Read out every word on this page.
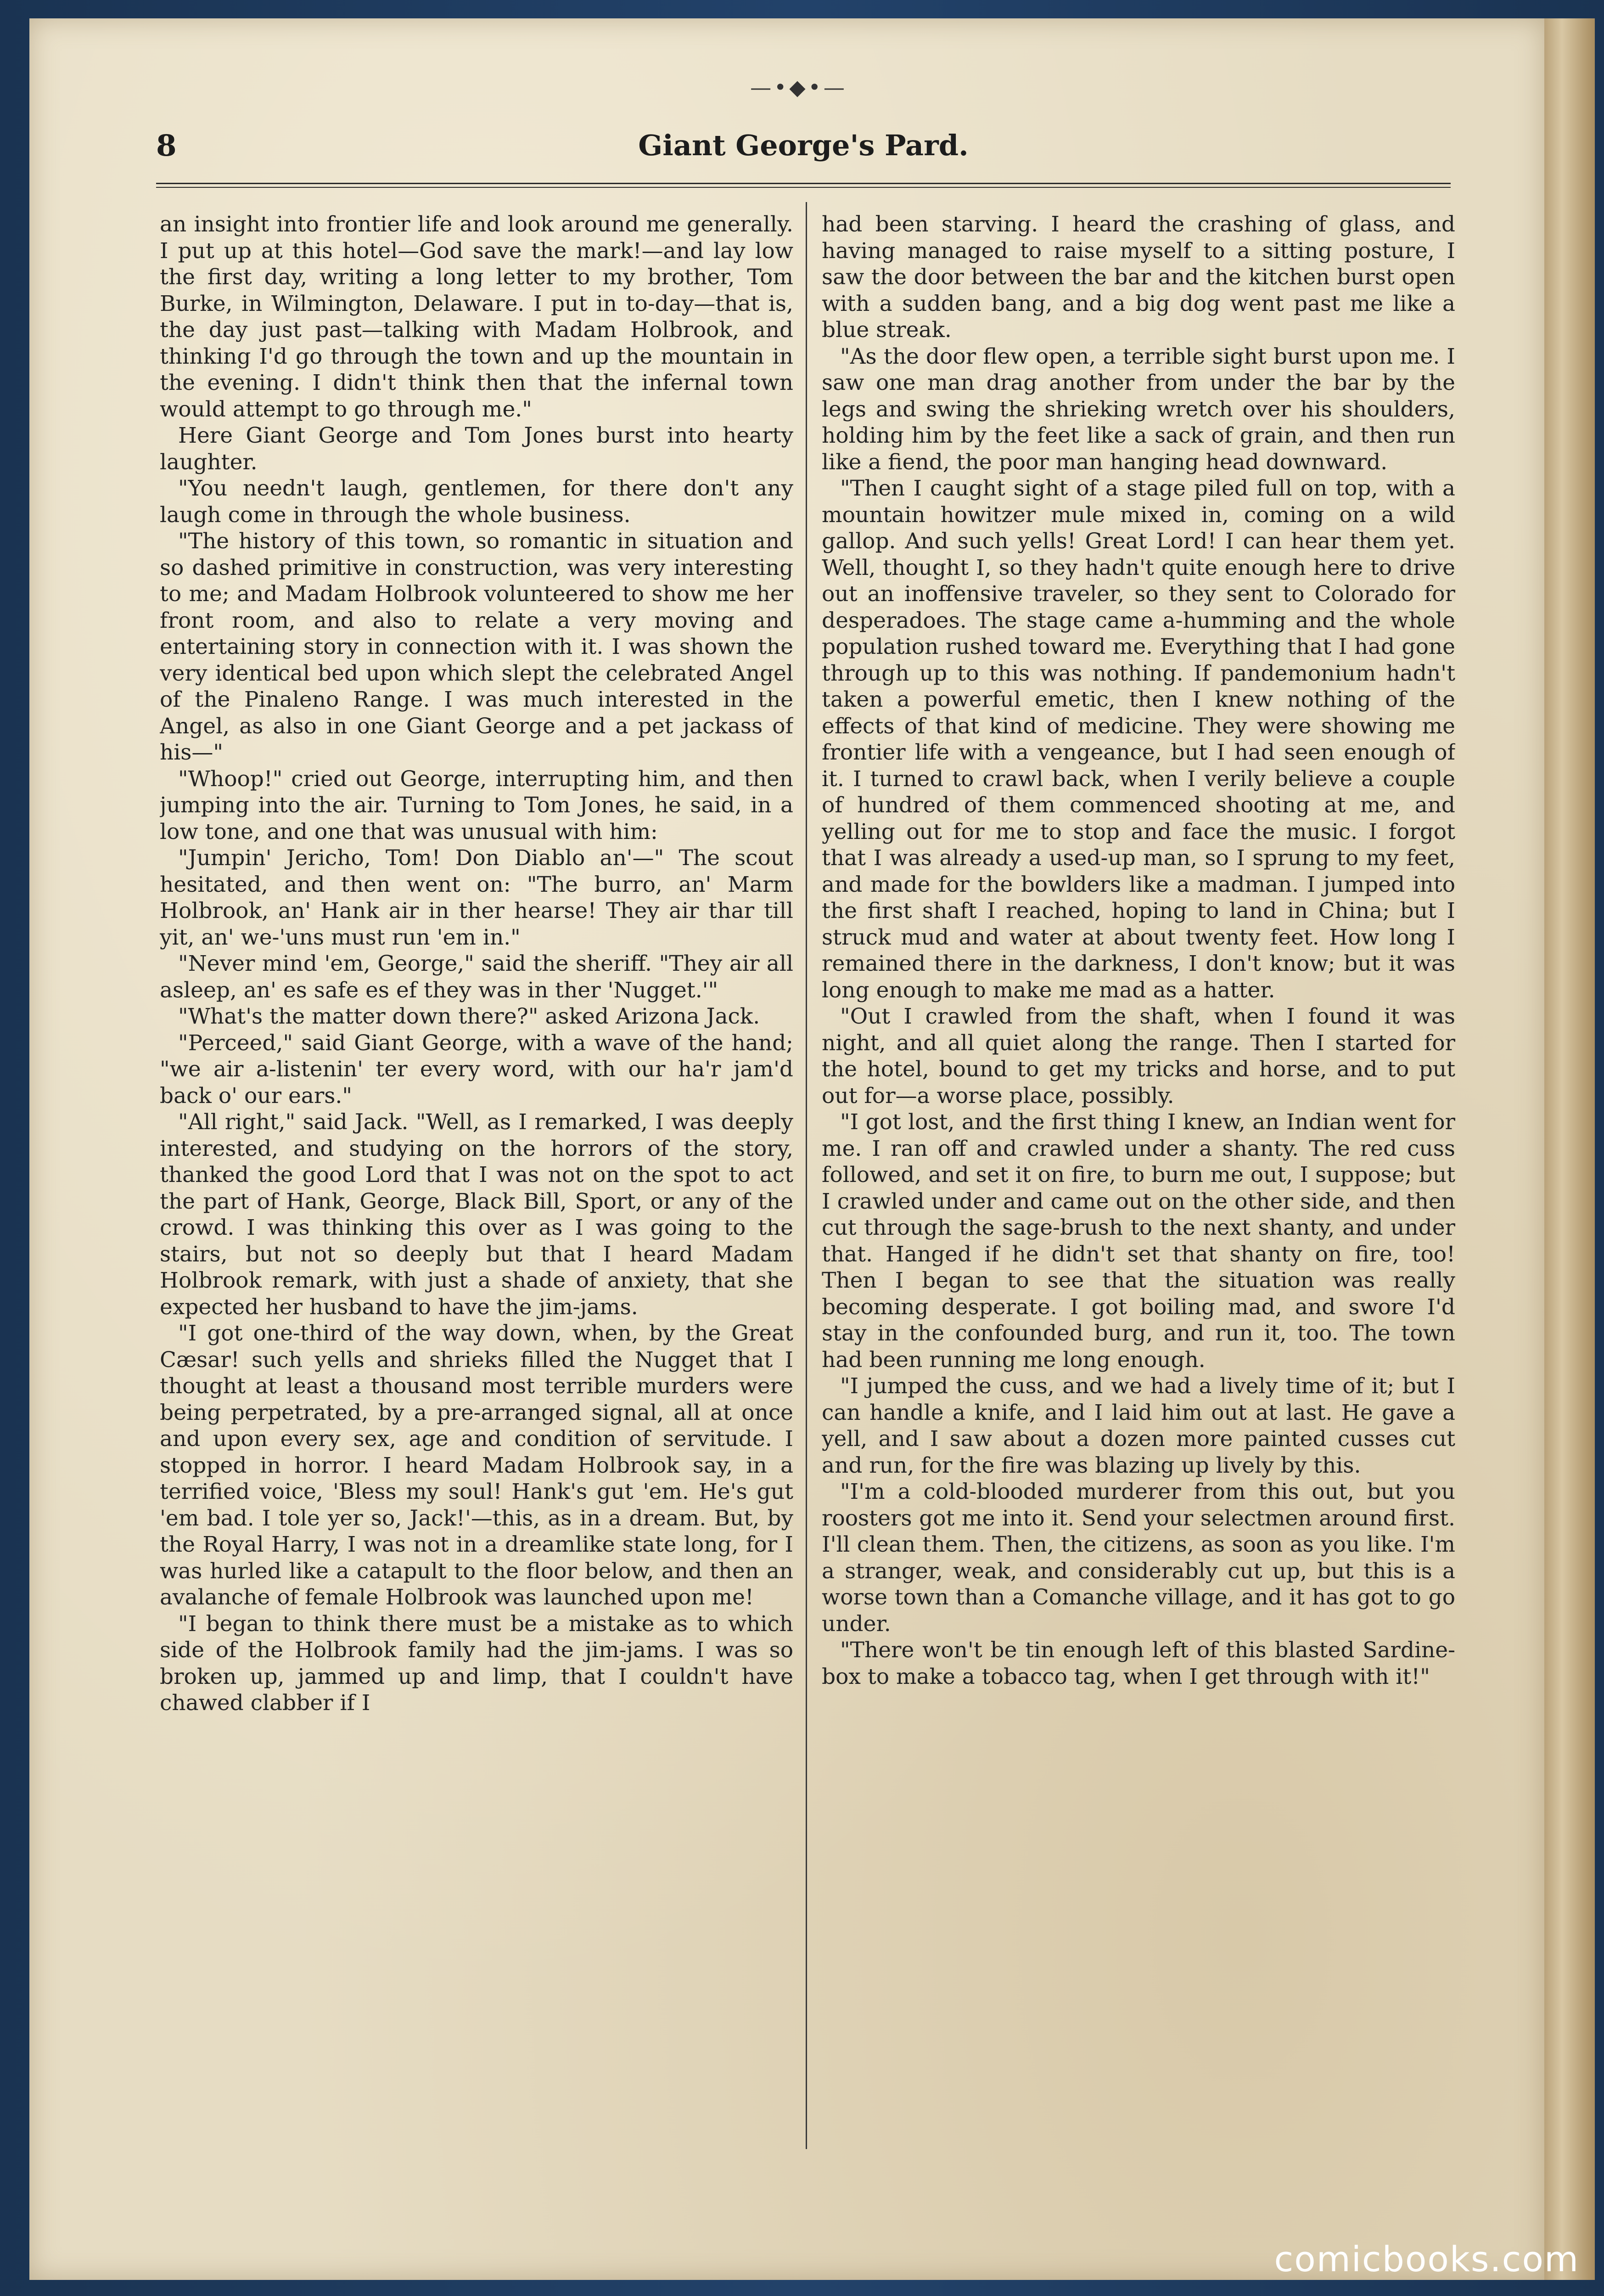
—•◆•—
Giant George's Pard.
8

an insight into frontier life and look around me generally. I put up at this hotel—God save the mark!—and lay low the first day, writing a long letter to my brother, Tom Burke, in Wilmington, Delaware. I put in to-day—that is, the day just past—talking with Madam Holbrook, and thinking I'd go through the town and up the mountain in the evening. I didn't think then that the infernal town would attempt to go through me."

Here Giant George and Tom Jones burst into hearty laughter.

"You needn't laugh, gentlemen, for there don't any laugh come in through the whole business.

"The history of this town, so romantic in situation and so dashed primitive in construction, was very interesting to me; and Madam Holbrook volunteered to show me her front room, and also to relate a very moving and entertaining story in connection with it. I was shown the very identical bed upon which slept the celebrated Angel of the Pinaleno Range. I was much interested in the Angel, as also in one Giant George and a pet jackass of his—"

"Whoop!" cried out George, interrupting him, and then jumping into the air. Turning to Tom Jones, he said, in a low tone, and one that was unusual with him:

"Jumpin' Jericho, Tom! Don Diablo an'—" The scout hesitated, and then went on: "The burro, an' Marm Holbrook, an' Hank air in ther hearse! They air thar till yit, an' we-'uns must run 'em in."

"Never mind 'em, George," said the sheriff. "They air all asleep, an' es safe es ef they was in ther 'Nugget.'"

"What's the matter down there?" asked Arizona Jack.

"Perceed," said Giant George, with a wave of the hand; "we air a-listenin' ter every word, with our ha'r jam'd back o' our ears."

"All right," said Jack. "Well, as I remarked, I was deeply interested, and studying on the horrors of the story, thanked the good Lord that I was not on the spot to act the part of Hank, George, Black Bill, Sport, or any of the crowd. I was thinking this over as I was going to the stairs, but not so deeply but that I heard Madam Holbrook remark, with just a shade of anxiety, that she expected her husband to have the jim-jams.

"I got one-third of the way down, when, by the Great Cæsar! such yells and shrieks filled the Nugget that I thought at least a thousand most terrible murders were being perpetrated, by a pre-arranged signal, all at once and upon every sex, age and condition of servitude. I stopped in horror. I heard Madam Holbrook say, in a terrified voice, 'Bless my soul! Hank's gut 'em. He's gut 'em bad. I tole yer so, Jack!'—this, as in a dream. But, by the Royal Harry, I was not in a dreamlike state long, for I was hurled like a catapult to the floor below, and then an avalanche of female Holbrook was launched upon me!

"I began to think there must be a mistake as to which side of the Holbrook family had the jim-jams. I was so broken up, jammed up and limp, that I couldn't have chawed clabber if I

had been starving. I heard the crashing of glass, and having managed to raise myself to a sitting posture, I saw the door between the bar and the kitchen burst open with a sudden bang, and a big dog went past me like a blue streak.

"As the door flew open, a terrible sight burst upon me. I saw one man drag another from under the bar by the legs and swing the shrieking wretch over his shoulders, holding him by the feet like a sack of grain, and then run like a fiend, the poor man hanging head downward.

"Then I caught sight of a stage piled full on top, with a mountain howitzer mule mixed in, coming on a wild gallop. And such yells! Great Lord! I can hear them yet. Well, thought I, so they hadn't quite enough here to drive out an inoffensive traveler, so they sent to Colorado for desperadoes. The stage came a-humming and the whole population rushed toward me. Everything that I had gone through up to this was nothing. If pandemonium hadn't taken a powerful emetic, then I knew nothing of the effects of that kind of medicine. They were showing me frontier life with a vengeance, but I had seen enough of it. I turned to crawl back, when I verily believe a couple of hundred of them commenced shooting at me, and yelling out for me to stop and face the music. I forgot that I was already a used-up man, so I sprung to my feet, and made for the bowlders like a madman. I jumped into the first shaft I reached, hoping to land in China; but I struck mud and water at about twenty feet. How long I remained there in the darkness, I don't know; but it was long enough to make me mad as a hatter.

"Out I crawled from the shaft, when I found it was night, and all quiet along the range. Then I started for the hotel, bound to get my tricks and horse, and to put out for—a worse place, possibly.

"I got lost, and the first thing I knew, an Indian went for me. I ran off and crawled under a shanty. The red cuss followed, and set it on fire, to burn me out, I suppose; but I crawled under and came out on the other side, and then cut through the sage-brush to the next shanty, and under that. Hanged if he didn't set that shanty on fire, too! Then I began to see that the situation was really becoming desperate. I got boiling mad, and swore I'd stay in the confounded burg, and run it, too. The town had been running me long enough.

"I jumped the cuss, and we had a lively time of it; but I can handle a knife, and I laid him out at last. He gave a yell, and I saw about a dozen more painted cusses cut and run, for the fire was blazing up lively by this.

"I'm a cold-blooded murderer from this out, but you roosters got me into it. Send your selectmen around first. I'll clean them. Then, the citizens, as soon as you like. I'm a stranger, weak, and considerably cut up, but this is a worse town than a Comanche village, and it has got to go under.

"There won't be tin enough left of this blasted Sardine-box to make a tobacco tag, when I get through with it!"

comicbooks.com
